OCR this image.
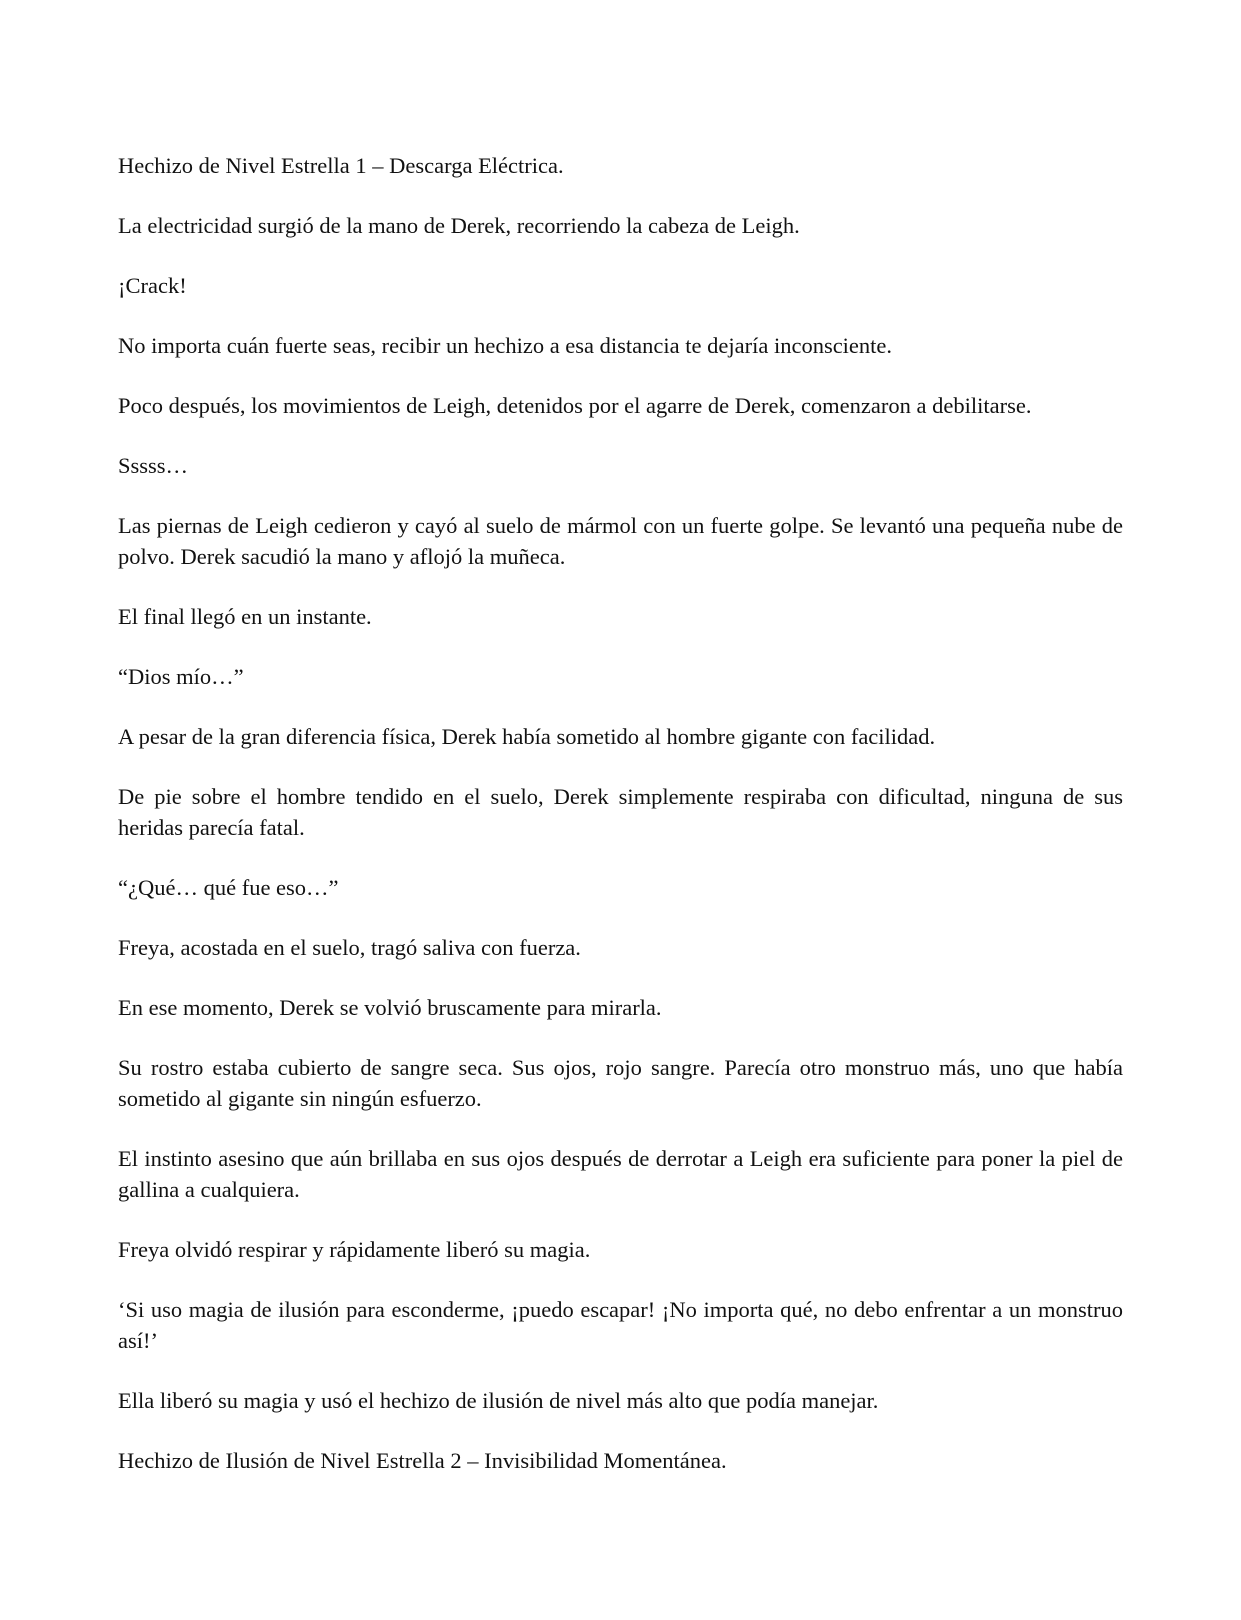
Hechizo de Nivel Estrella 1 – Descarga Eléctrica.

La electricidad surgió de la mano de Derek, recorriendo la cabeza de Leigh.

¡Crack!

No importa cuán fuerte seas, recibir un hechizo a esa distancia te dejaría inconsciente.

Poco después, los movimientos de Leigh, detenidos por el agarre de Derek, comenzaron a debilitarse.

Sssss…

Las piernas de Leigh cedieron y cayó al suelo de mármol con un fuerte golpe. Se levantó una pequeña nube de polvo. Derek sacudió la mano y aflojó la muñeca.

El final llegó en un instante.

“Dios mío…”

A pesar de la gran diferencia física, Derek había sometido al hombre gigante con facilidad.

De pie sobre el hombre tendido en el suelo, Derek simplemente respiraba con dificultad, ninguna de sus heridas parecía fatal.

“¿Qué… qué fue eso…”

Freya, acostada en el suelo, tragó saliva con fuerza.

En ese momento, Derek se volvió bruscamente para mirarla.

Su rostro estaba cubierto de sangre seca. Sus ojos, rojo sangre. Parecía otro monstruo más, uno que había sometido al gigante sin ningún esfuerzo.

El instinto asesino que aún brillaba en sus ojos después de derrotar a Leigh era suficiente para poner la piel de gallina a cualquiera.

Freya olvidó respirar y rápidamente liberó su magia.

‘Si uso magia de ilusión para esconderme, ¡puedo escapar! ¡No importa qué, no debo enfrentar a un monstruo así!’

Ella liberó su magia y usó el hechizo de ilusión de nivel más alto que podía manejar.

Hechizo de Ilusión de Nivel Estrella 2 – Invisibilidad Momentánea.
